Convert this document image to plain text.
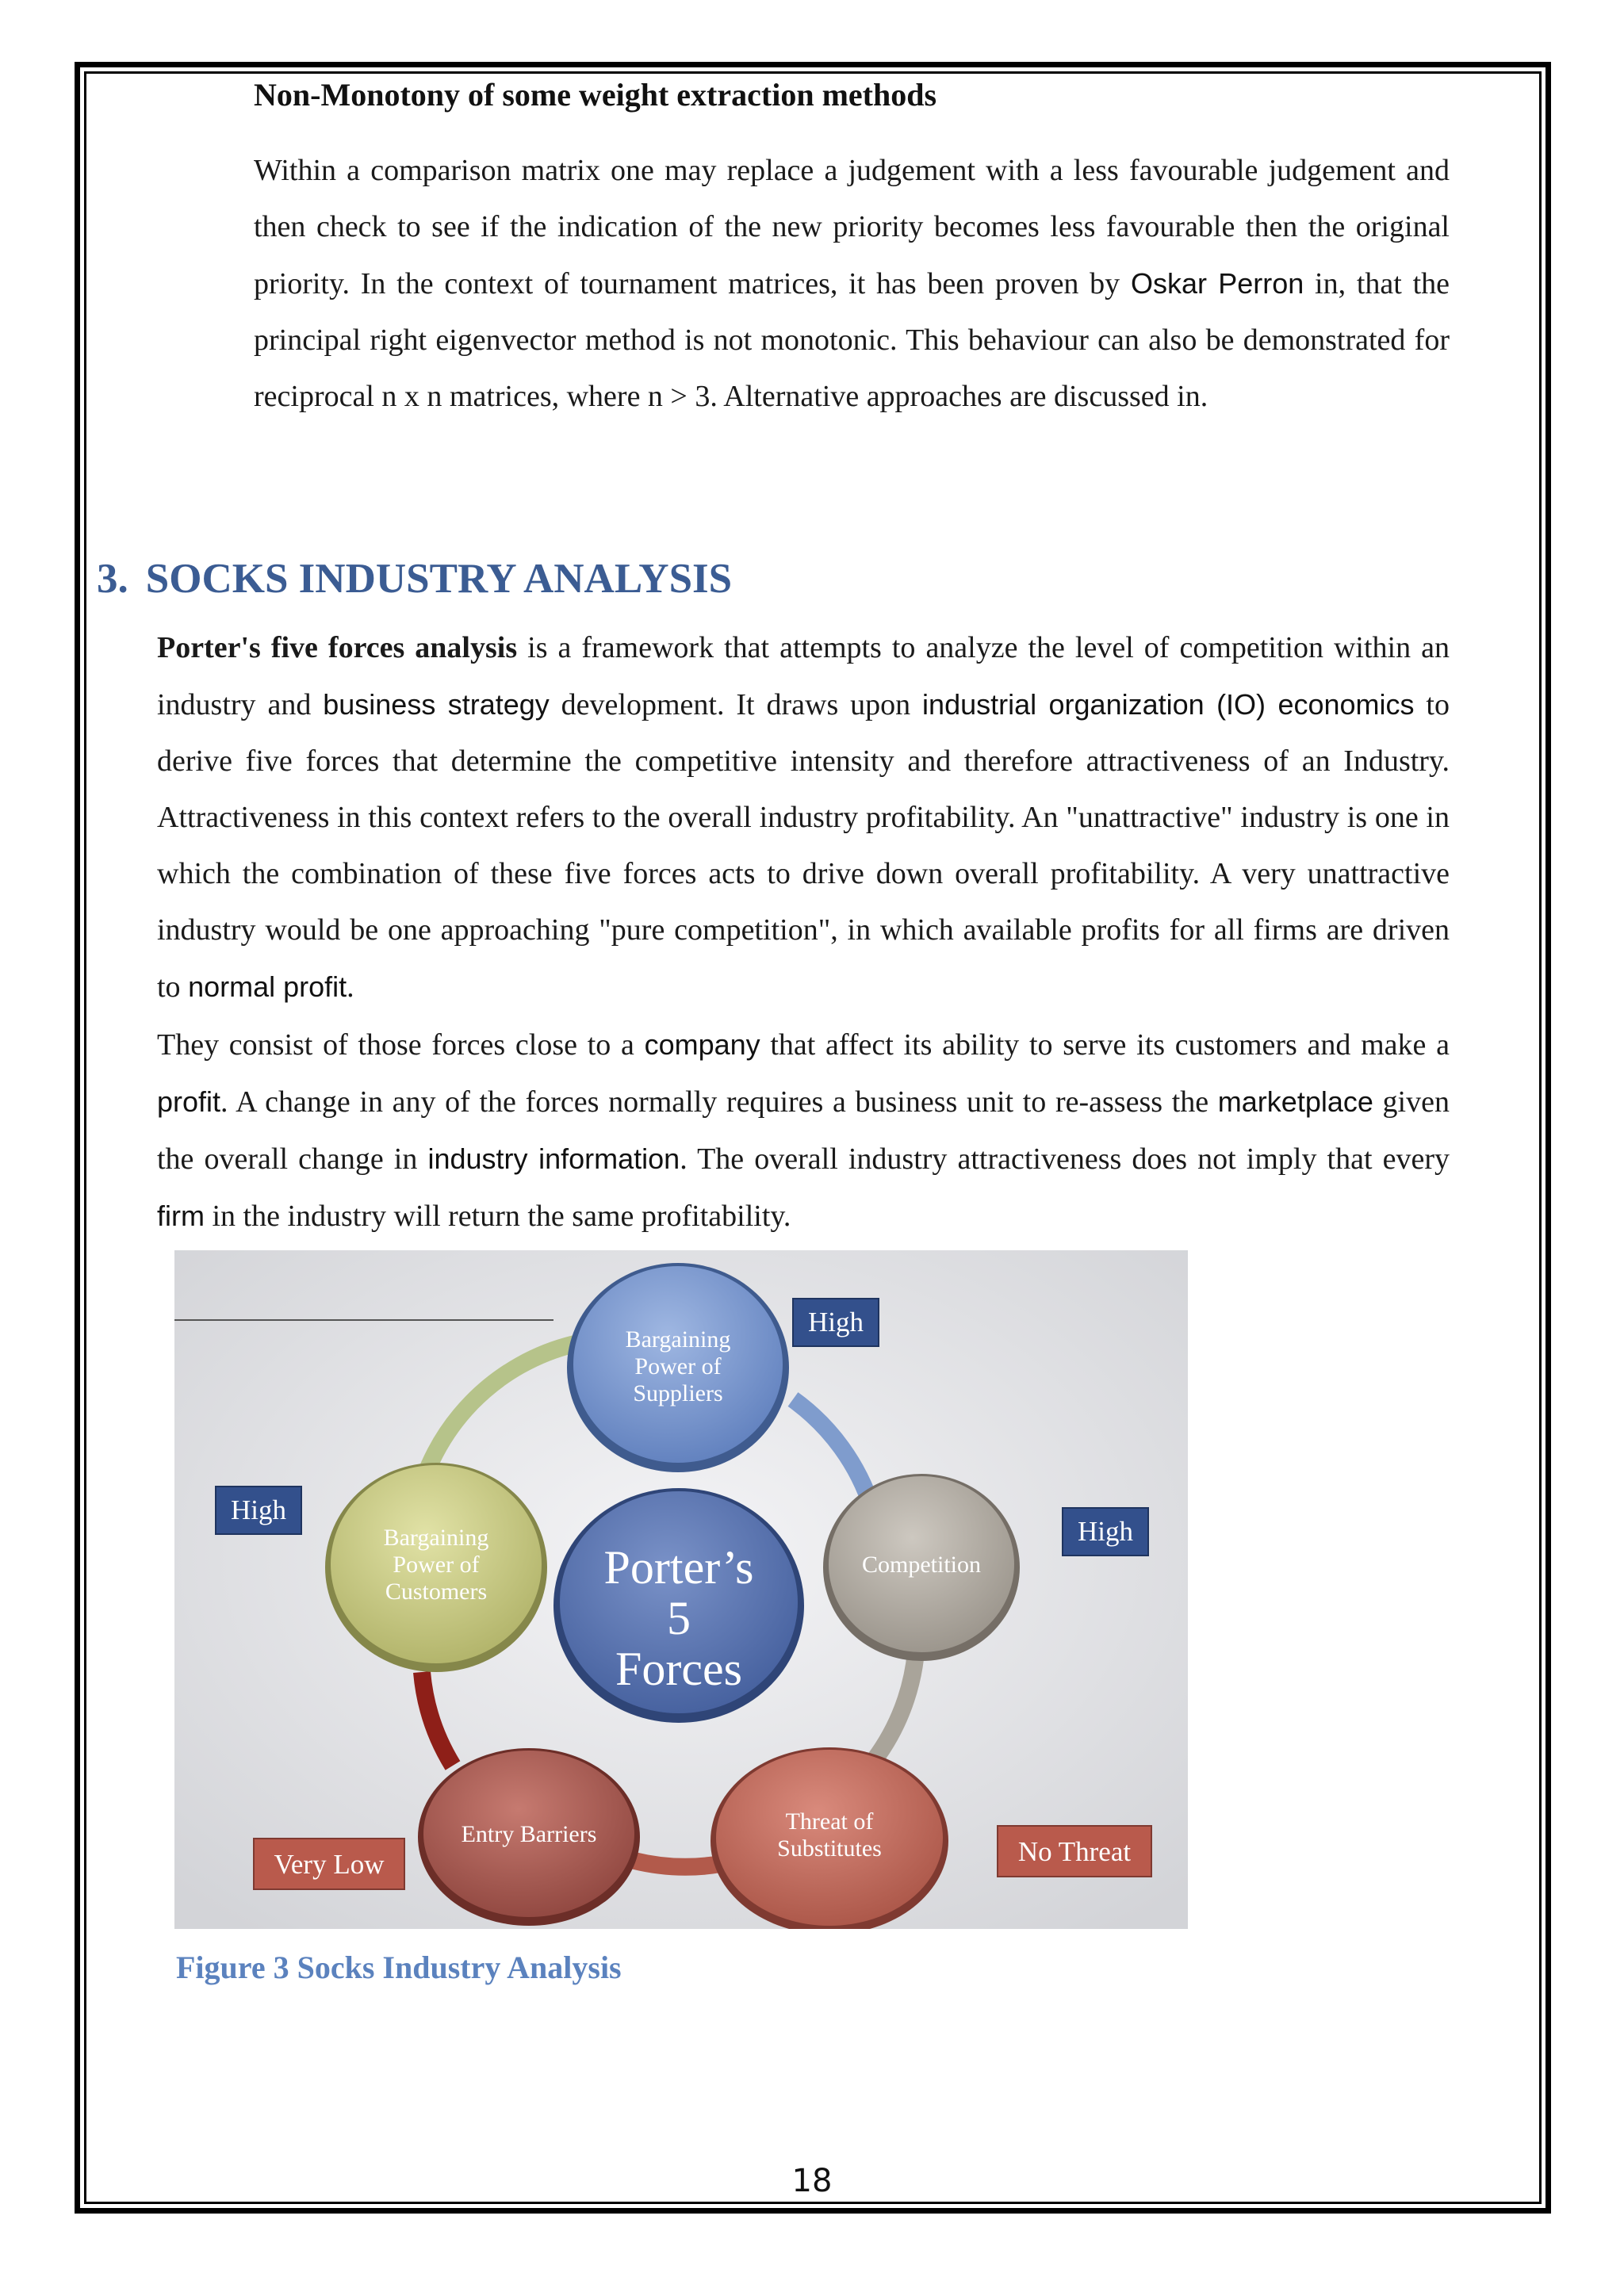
Non-Monotony of some weight extraction methods

Within a comparison matrix one may replace a judgement with a less favourable judgement and then check to see if the indication of the new priority becomes less favourable then the original priority. In the context of tournament matrices, it has been proven by Oskar Perron in, that the principal right eigenvector method is not monotonic. This behaviour can also be demonstrated for reciprocal n x n matrices, where n > 3. Alternative approaches are discussed in.

3. SOCKS INDUSTRY ANALYSIS

Porter's five forces analysis is a framework that attempts to analyze the level of competition within an industry and business strategy development. It draws upon industrial organization (IO) economics to derive five forces that determine the competitive intensity and therefore attractiveness of an Industry. Attractiveness in this context refers to the overall industry profitability. An "unattractive" industry is one in which the combination of these five forces acts to drive down overall profitability. A very unattractive industry would be one approaching "pure competition", in which available profits for all firms are driven to normal profit.

They consist of those forces close to a company that affect its ability to serve its customers and make a profit. A change in any of the forces normally requires a business unit to re-assess the marketplace given the overall change in industry information. The overall industry attractiveness does not imply that every firm in the industry will return the same profitability.

Bargaining Power of Suppliers
Competition
Threat of Substitutes
Entry Barriers
Bargaining Power of Customers Porter’s 5 Forces
High
High
High
Very Low	No Threat
Figure 3 Socks Industry Analysis
18
